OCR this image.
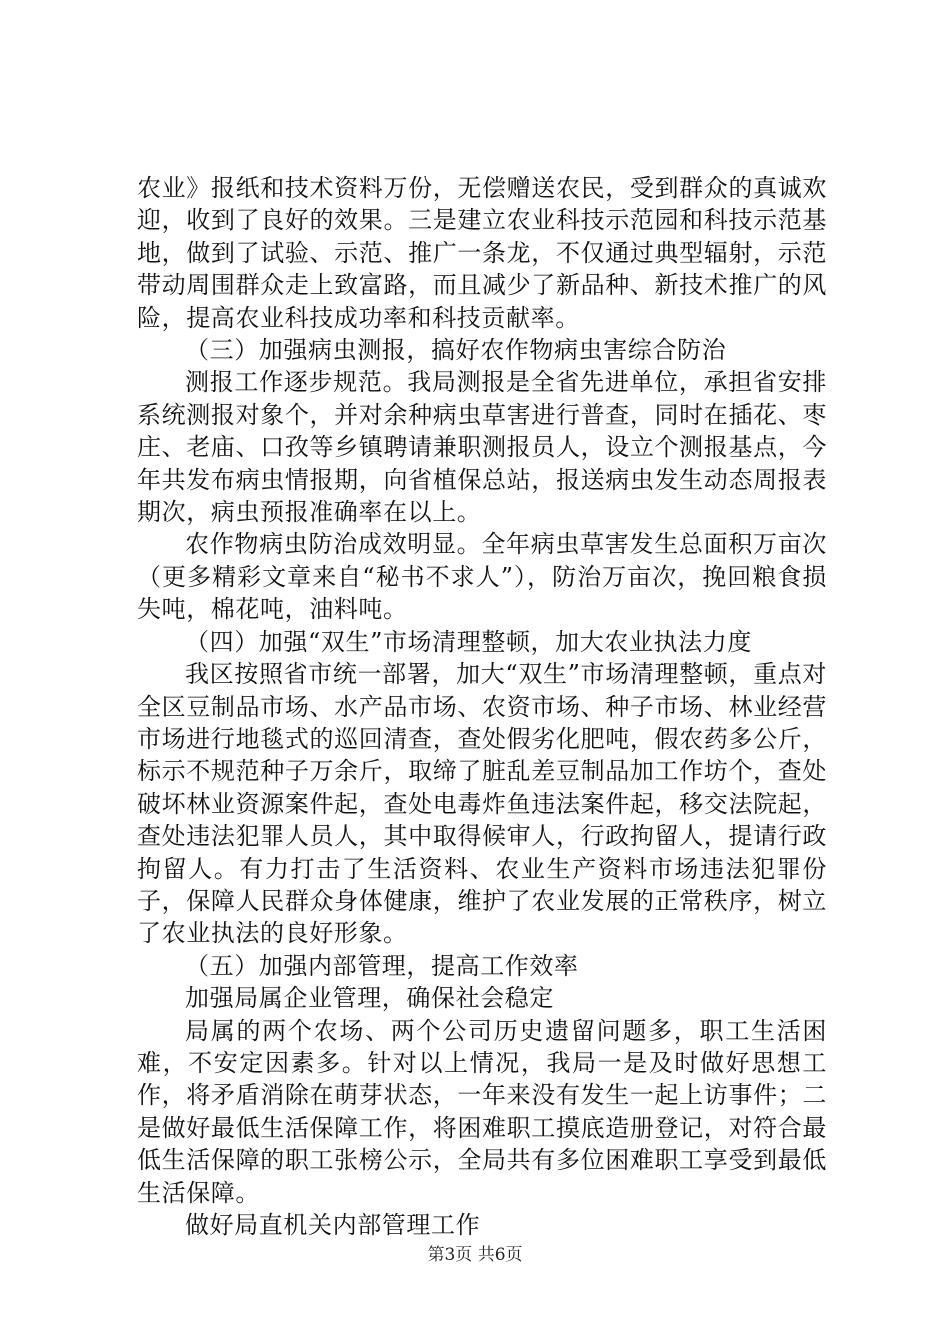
农业》报纸和技术资料万份，无偿赠送农民，受到群众的真诚欢迎，收到了良好的效果。三是建立农业科技示范园和科技示范基地，做到了试验、示范、推广一条龙，不仅通过典型辐射，示范带动周围群众走上致富路，而且减少了新品种、新技术推广的风险，提高农业科技成功率和科技贡献率。

（三）加强病虫测报，搞好农作物病虫害综合防治

测报工作逐步规范。我局测报是全省先进单位，承担省安排系统测报对象个，并对余种病虫草害进行普查，同时在插花、枣庄、老庙、口孜等乡镇聘请兼职测报员人，设立个测报基点，今年共发布病虫情报期，向省植保总站，报送病虫发生动态周报表期次，病虫预报准确率在以上。

农作物病虫防治成效明显。全年病虫草害发生总面积万亩次（更多精彩文章来自“秘书不求人”），防治万亩次，挽回粮食损失吨，棉花吨，油料吨。

（四）加强“双生”市场清理整顿，加大农业执法力度

我区按照省市统一部署，加大“双生”市场清理整顿，重点对全区豆制品市场、水产品市场、农资市场、种子市场、林业经营市场进行地毯式的巡回清查，查处假劣化肥吨，假农药多公斤，标示不规范种子万余斤，取缔了脏乱差豆制品加工作坊个，查处破坏林业资源案件起，查处电毒炸鱼违法案件起，移交法院起，查处违法犯罪人员人，其中取得候审人，行政拘留人，提请行政拘留人。有力打击了生活资料、农业生产资料市场违法犯罪份子，保障人民群众身体健康，维护了农业发展的正常秩序，树立了农业执法的良好形象。

（五）加强内部管理，提高工作效率

加强局属企业管理，确保社会稳定

局属的两个农场、两个公司历史遗留问题多，职工生活困难，不安定因素多。针对以上情况，我局一是及时做好思想工作，将矛盾消除在萌芽状态，一年来没有发生一起上访事件；二是做好最低生活保障工作，将困难职工摸底造册登记，对符合最低生活保障的职工张榜公示，全局共有多位困难职工享受到最低生活保障。

做好局直机关内部管理工作

第3页 共6页
